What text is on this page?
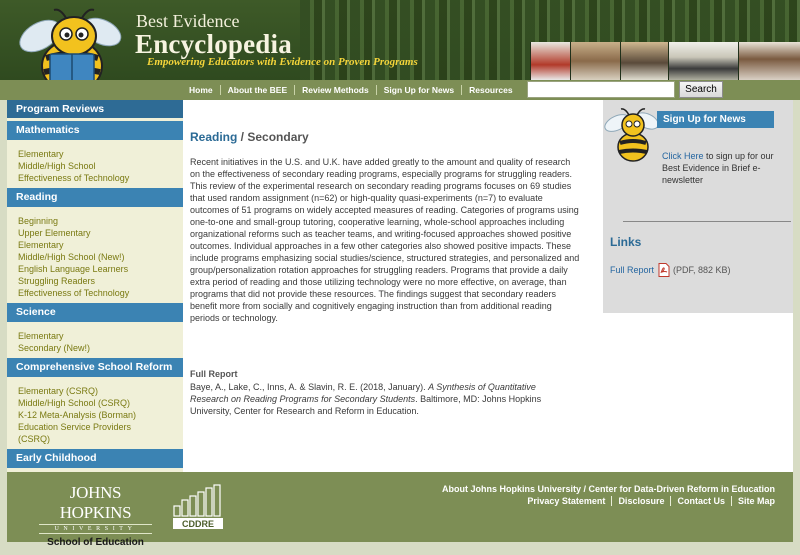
Best Evidence
Encyclopedia
Empowering Educators with Evidence on Proven Programs
Home	About the BEE	Review Methods	Sign Up for News	Resources	Search
Program Reviews
Mathematics
Elementary
Middle/High School
Effectiveness of Technology
Reading
Beginning
Upper Elementary
Elementary
Middle/High School (New!)
English Language Learners
Struggling Readers
Effectiveness of Technology
Science
Elementary
Secondary (New!)
Comprehensive School Reform
Elementary (CSRQ)
Middle/High School (CSRQ)
K-12 Meta-Analysis (Borman)
Education Service Providers
(CSRQ)
Early Childhood
Reading / Secondary
Recent initiatives in the U.S. and U.K. have added greatly to the amount and quality of research on the effectiveness of secondary reading programs, especially programs for struggling readers. This review of the experimental research on secondary reading programs focuses on 69 studies that used random assignment (n=62) or high-quality quasi-experiments (n=7) to evaluate outcomes of 51 programs on widely accepted measures of reading. Categories of programs using one-to-one and small-group tutoring, cooperative learning, whole-school approaches including organizational reforms such as teacher teams, and writing-focused approaches showed positive outcomes. Individual approaches in a few other categories also showed positive impacts. These include programs emphasizing social studies/science, structured strategies, and personalized and group/personalization rotation approaches for struggling readers. Programs that provide a daily extra period of reading and those utilizing technology were no more effective, on average, than programs that did not provide these resources. The findings suggest that secondary readers benefit more from socially and cognitively engaging instruction than from additional reading periods or technology.
Full Report
Baye, A., Lake, C., Inns, A. & Slavin, R. E. (2018, January). A Synthesis of Quantitative Research on Reading Programs for Secondary Students. Baltimore, MD: Johns Hopkins University, Center for Research and Reform in Education.
Sign Up for News
Click Here to sign up for our Best Evidence in Brief e-newsletter
Links
Full Report (PDF, 882 KB)
JOHNS HOPKINS
UNIVERSITY
School of Education
CDDRE
About Johns Hopkins University / Center for Data-Driven Reform in Education
Privacy Statement	Disclosure	Contact Us	Site Map
